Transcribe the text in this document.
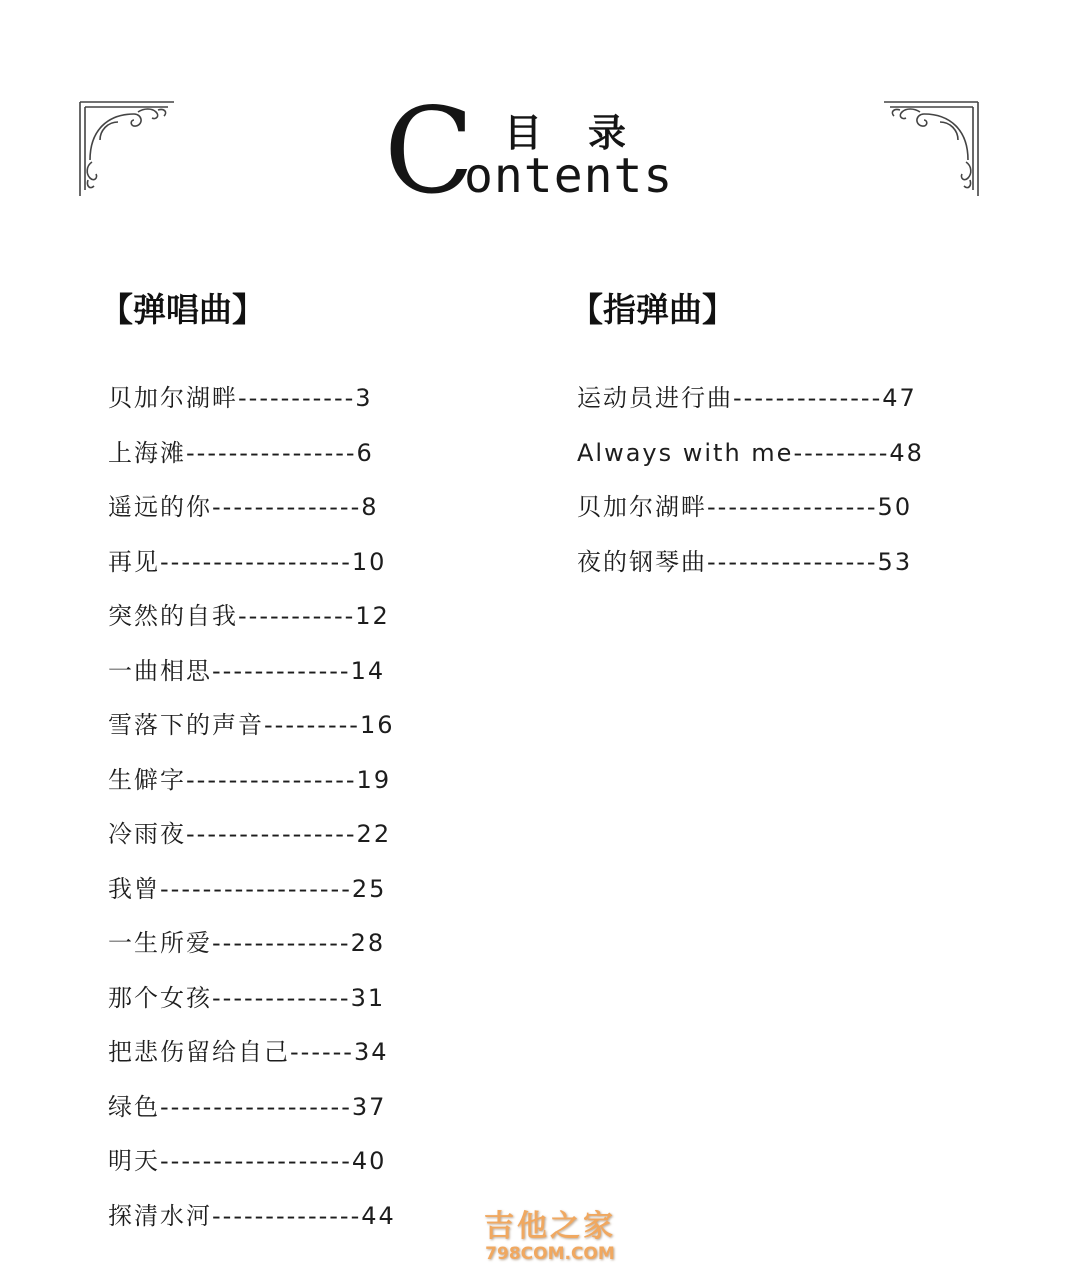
C 目录
ontents
【弹唱曲】	【指弹曲】
贝加尔湖畔-----------3
上海滩----------------6
遥远的你--------------8
再见------------------10
突然的自我-----------12
一曲相思-------------14
雪落下的声音---------16
生僻字----------------19
冷雨夜----------------22
我曾------------------25
一生所爱-------------28
那个女孩-------------31
把悲伤留给自己------34
绿色------------------37
明天------------------40
探清水河--------------44
运动员进行曲--------------47
Always with me---------48
贝加尔湖畔----------------50
夜的钢琴曲----------------53
吉他之家
798COM.COM
